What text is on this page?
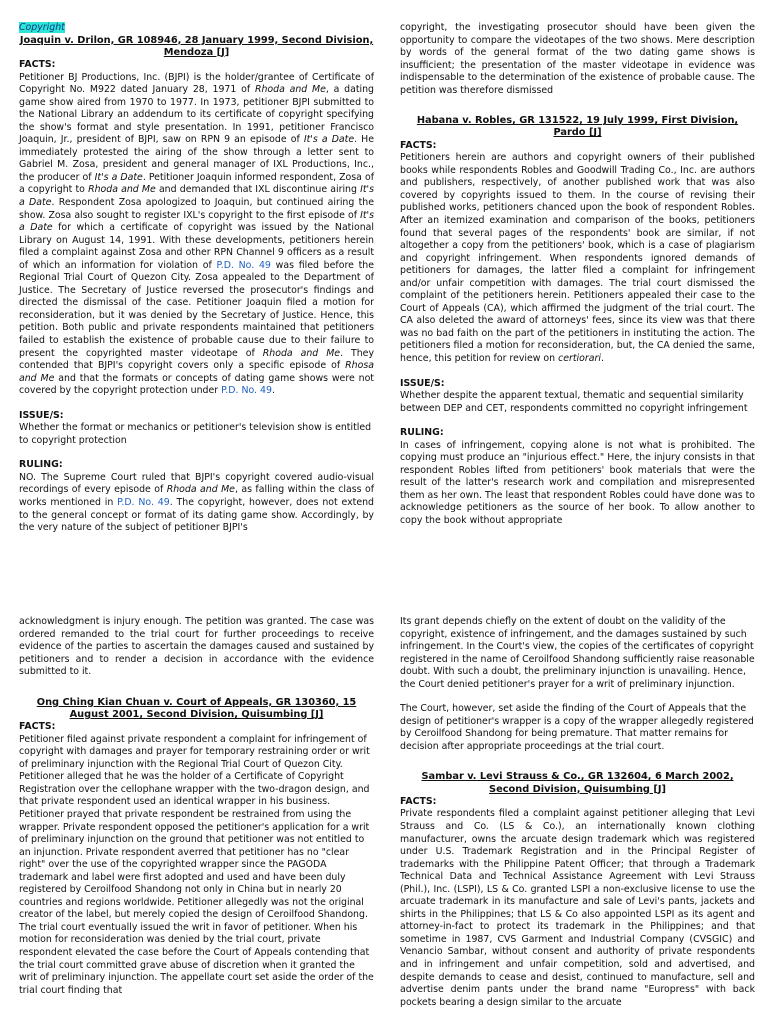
Copyright

Joaquin v. Drilon, GR 108946, 28 January 1999, Second Division, Mendoza [J]

FACTS:

Petitioner BJ Productions, Inc. (BJPI) is the holder/grantee of Certificate of Copyright No. M922 dated January 28, 1971 of Rhoda and Me, a dating game show aired from 1970 to 1977. In 1973, petitioner BJPI submitted to the National Library an addendum to its certificate of copyright specifying the show's format and style presentation. In 1991, petitioner Francisco Joaquin, Jr., president of BJPI, saw on RPN 9 an episode of It's a Date. He immediately protested the airing of the show through a letter sent to Gabriel M. Zosa, president and general manager of IXL Productions, Inc., the producer of It's a Date. Petitioner Joaquin informed respondent, Zosa of a copyright to Rhoda and Me and demanded that IXL discontinue airing It's a Date. Respondent Zosa apologized to Joaquin, but continued airing the show. Zosa also sought to register IXL's copyright to the first episode of It's a Date for which a certificate of copyright was issued by the National Library on August 14, 1991. With these developments, petitioners herein filed a complaint against Zosa and other RPN Channel 9 officers as a result of which an information for violation of P.D. No. 49 was filed before the Regional Trial Court of Quezon City. Zosa appealed to the Department of Justice. The Secretary of Justice reversed the prosecutor's findings and directed the dismissal of the case. Petitioner Joaquin filed a motion for reconsideration, but it was denied by the Secretary of Justice. Hence, this petition. Both public and private respondents maintained that petitioners failed to establish the existence of probable cause due to their failure to present the copyrighted master videotape of Rhoda and Me. They contended that BJPI's copyright covers only a specific episode of Rhosa and Me and that the formats or concepts of dating game shows were not covered by the copyright protection under P.D. No. 49.

ISSUE/S:

Whether the format or mechanics or petitioner's television show is entitled to copyright protection

RULING:

NO. The Supreme Court ruled that BJPI's copyright covered audio-visual recordings of every episode of Rhoda and Me, as falling within the class of works mentioned in P.D. No. 49. The copyright, however, does not extend to the general concept or format of its dating game show. Accordingly, by the very nature of the subject of petitioner BJPI's

copyright, the investigating prosecutor should have been given the opportunity to compare the videotapes of the two shows. Mere description by words of the general format of the two dating game shows is insufficient; the presentation of the master videotape in evidence was indispensable to the determination of the existence of probable cause. The petition was therefore dismissed

Habana v. Robles, GR 131522, 19 July 1999, First Division, Pardo [J]

FACTS:

Petitioners herein are authors and copyright owners of their published books while respondents Robles and Goodwill Trading Co., Inc. are authors and publishers, respectively, of another published work that was also covered by copyrights issued to them. In the course of revising their published works, petitioners chanced upon the book of respondent Robles. After an itemized examination and comparison of the books, petitioners found that several pages of the respondents' book are similar, if not altogether a copy from the petitioners' book, which is a case of plagiarism and copyright infringement. When respondents ignored demands of petitioners for damages, the latter filed a complaint for infringement and/or unfair competition with damages. The trial court dismissed the complaint of the petitioners herein. Petitioners appealed their case to the Court of Appeals (CA), which affirmed the judgment of the trial court. The CA also deleted the award of attorneys' fees, since its view was that there was no bad faith on the part of the petitioners in instituting the action. The petitioners filed a motion for reconsideration, but, the CA denied the same, hence, this petition for review on certiorari.

ISSUE/S:

Whether despite the apparent textual, thematic and sequential similarity between DEP and CET, respondents committed no copyright infringement

RULING:

In cases of infringement, copying alone is not what is prohibited. The copying must produce an "injurious effect." Here, the injury consists in that respondent Robles lifted from petitioners' book materials that were the result of the latter's research work and compilation and misrepresented them as her own. The least that respondent Robles could have done was to acknowledge petitioners as the source of her book. To allow another to copy the book without appropriate

acknowledgment is injury enough. The petition was granted. The case was ordered remanded to the trial court for further proceedings to receive evidence of the parties to ascertain the damages caused and sustained by petitioners and to render a decision in accordance with the evidence submitted to it.

Ong Ching Kian Chuan v. Court of Appeals, GR 130360, 15 August 2001, Second Division, Quisumbing [J]

FACTS:

Petitioner filed against private respondent a complaint for infringement of copyright with damages and prayer for temporary restraining order or writ of preliminary injunction with the Regional Trial Court of Quezon City. Petitioner alleged that he was the holder of a Certificate of Copyright Registration over the cellophane wrapper with the two-dragon design, and that private respondent used an identical wrapper in his business. Petitioner prayed that private respondent be restrained from using the wrapper. Private respondent opposed the petitioner's application for a writ of preliminary injunction on the ground that petitioner was not entitled to an injunction. Private respondent averred that petitioner has no "clear right" over the use of the copyrighted wrapper since the PAGODA trademark and label were first adopted and used and have been duly registered by Ceroilfood Shandong not only in China but in nearly 20 countries and regions worldwide. Petitioner allegedly was not the original creator of the label, but merely copied the design of Ceroilfood Shandong. The trial court eventually issued the writ in favor of petitioner. When his motion for reconsideration was denied by the trial court, private respondent elevated the case before the Court of Appeals contending that the trial court committed grave abuse of discretion when it granted the writ of preliminary injunction. The appellate court set aside the order of the trial court finding that

Its grant depends chiefly on the extent of doubt on the validity of the copyright, existence of infringement, and the damages sustained by such infringement. In the Court's view, the copies of the certificates of copyright registered in the name of Ceroilfood Shandong sufficiently raise reasonable doubt. With such a doubt, the preliminary injunction is unavailing. Hence, the Court denied petitioner's prayer for a writ of preliminary injunction.

The Court, however, set aside the finding of the Court of Appeals that the design of petitioner's wrapper is a copy of the wrapper allegedly registered by Ceroilfood Shandong for being premature. That matter remains for decision after appropriate proceedings at the trial court.

Sambar v. Levi Strauss & Co., GR 132604, 6 March 2002, Second Division, Quisumbing [J]

FACTS:

Private respondents filed a complaint against petitioner alleging that Levi Strauss and Co. (LS & Co.), an internationally known clothing manufacturer, owns the arcuate design trademark which was registered under U.S. Trademark Registration and in the Principal Register of trademarks with the Philippine Patent Officer; that through a Trademark Technical Data and Technical Assistance Agreement with Levi Strauss (Phil.), Inc. (LSPI), LS & Co. granted LSPI a non-exclusive license to use the arcuate trademark in its manufacture and sale of Levi's pants, jackets and shirts in the Philippines; that LS & Co also appointed LSPI as its agent and attorney-in-fact to protect its trademark in the Philippines; and that sometime in 1987, CVS Garment and Industrial Company (CVSGIC) and Venancio Sambar, without consent and authority of private respondents and in infringement and unfair competition, sold and advertised, and despite demands to cease and desist, continued to manufacture, sell and advertise denim pants under the brand name "Europress" with back pockets bearing a design similar to the arcuate
